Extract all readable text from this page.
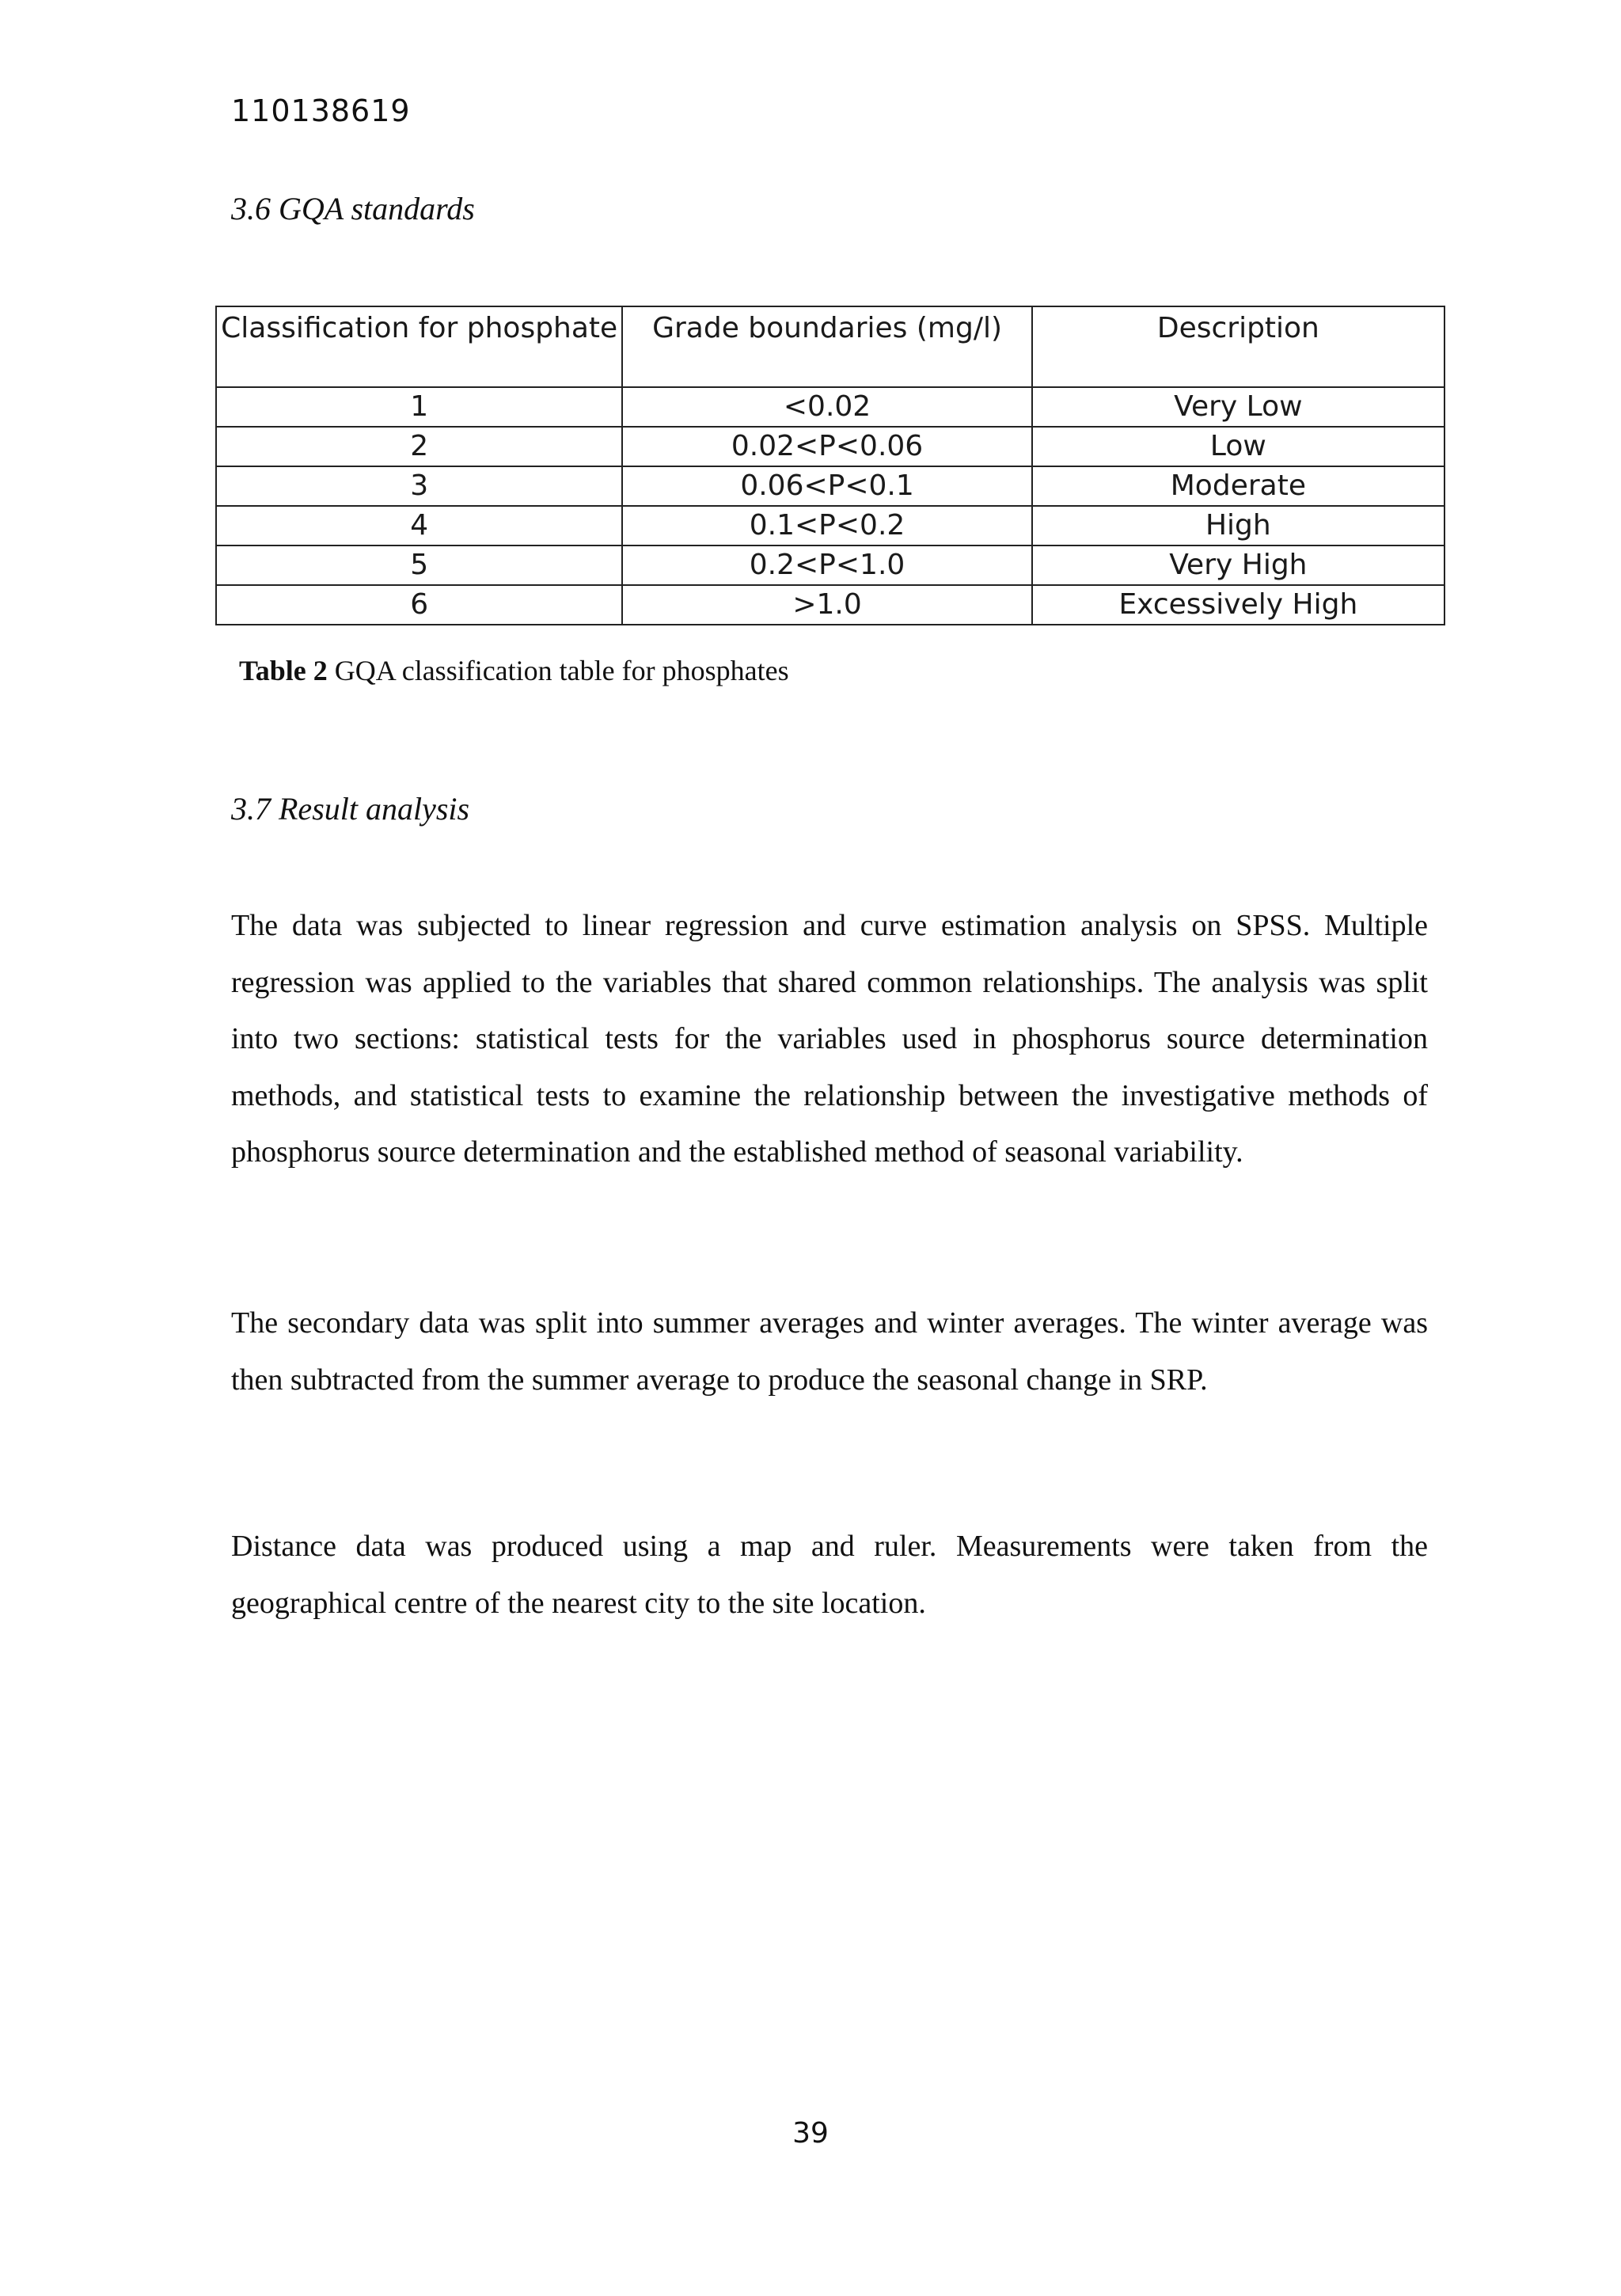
110138619
3.6 GQA standards
Classification for phosphate	Grade boundaries (mg/l)	Description
1	<0.02	Very Low
2	0.02<P<0.06	Low
3	0.06<P<0.1	Moderate
4	0.1<P<0.2	High
5	0.2<P<1.0	Very High
6	>1.0	Excessively High
Table 2 GQA classification table for phosphates
3.7 Result analysis

The data was subjected to linear regression and curve estimation analysis on SPSS. Multiple regression was applied to the variables that shared common relationships. The analysis was split into two sections: statistical tests for the variables used in phosphorus source determination methods, and statistical tests to examine the relationship between the investigative methods of phosphorus source determination and the established method of seasonal variability.

The secondary data was split into summer averages and winter averages. The winter average was then subtracted from the summer average to produce the seasonal change in SRP.

Distance data was produced using a map and ruler. Measurements were taken from the geographical centre of the nearest city to the site location.

39
